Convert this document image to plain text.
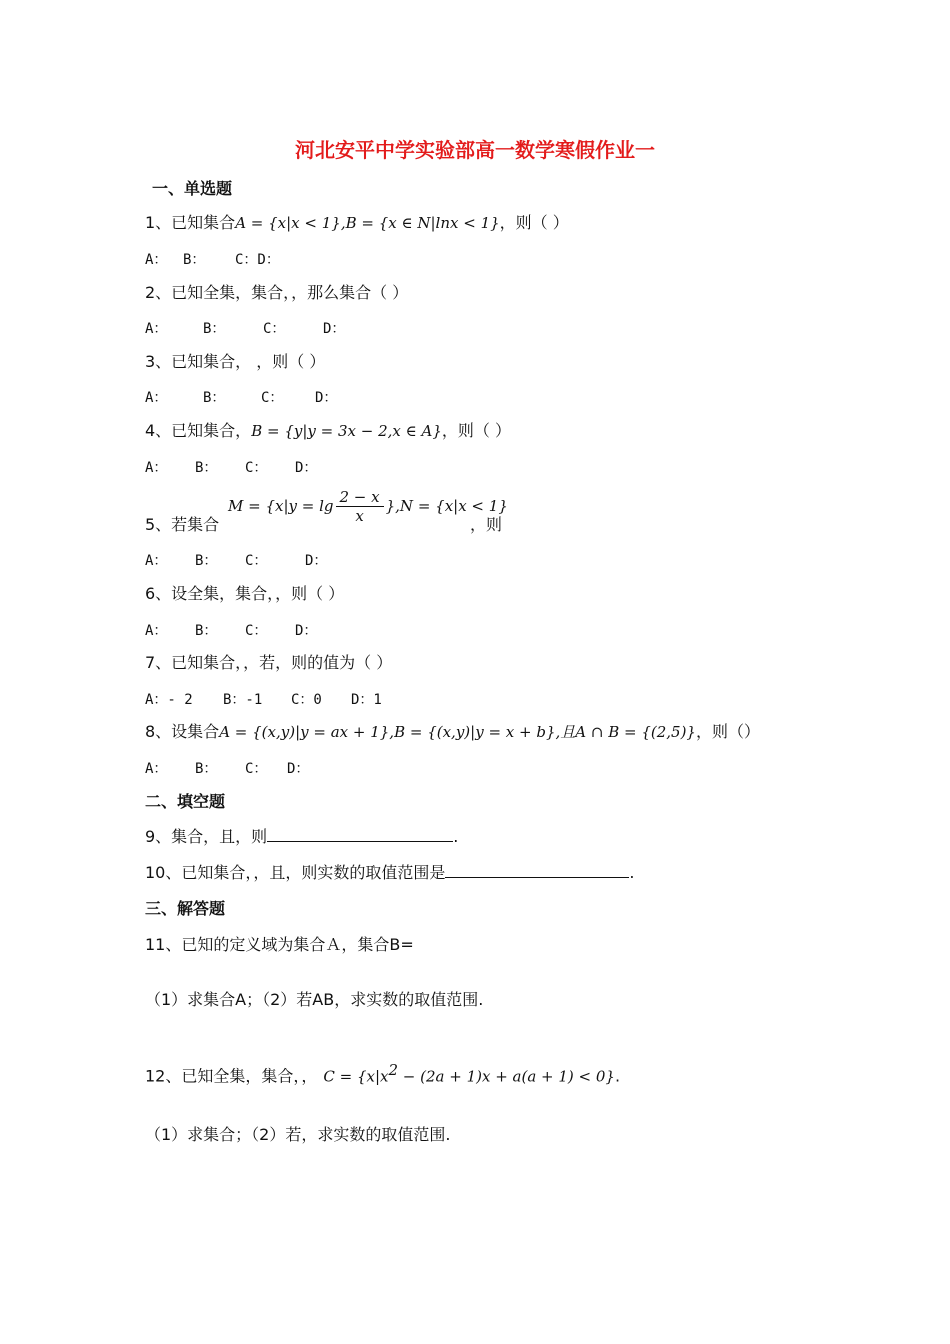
河北安平中学实验部高一数学寒假作业一
一、单选题
1、已知集合A = {x|x < 1},B = {x ∈ N|lnx < 1}，则（ ）
A： B： C：D：
2、已知全集，集合，，那么集合（ ）
A：	B：	C：	D：
3、已知集合， ，则（ ）
A：	B：	C： D：
4、已知集合，B = {y|y = 3x − 2,x ∈ A}，则（ ）
A： B： C： D：
5、若集合
$M = \{x|y = \lg \frac{2 - x}{x} \},N = \{x|x < 1\}$
，则
A： B： C：	D：
6、设全集，集合，，则（ ）
A： B： C： D：
7、已知集合，，若，则的值为（ ）
A：- 2 B：-1 C：0 D：1
8、设集合A = {(x,y)|y = ax + 1},B = {(x,y)|y = x + b},且A ∩ B = {(2,5)}，则（）
A： B： C： D：
二、填空题
9、集合，且，则	.
10、已知集合，，且，则实数的取值范围是	.
三、解答题
11、已知的定义域为集合Ａ，集合B=
（1）求集合A；（2）若AB，求实数的取值范围.
12、已知全集，集合，， $C = \{x|x^2 - (2a + 1)x + a(a + 1) < 0\}$.
（1）求集合；（2）若，求实数的取值范围.
